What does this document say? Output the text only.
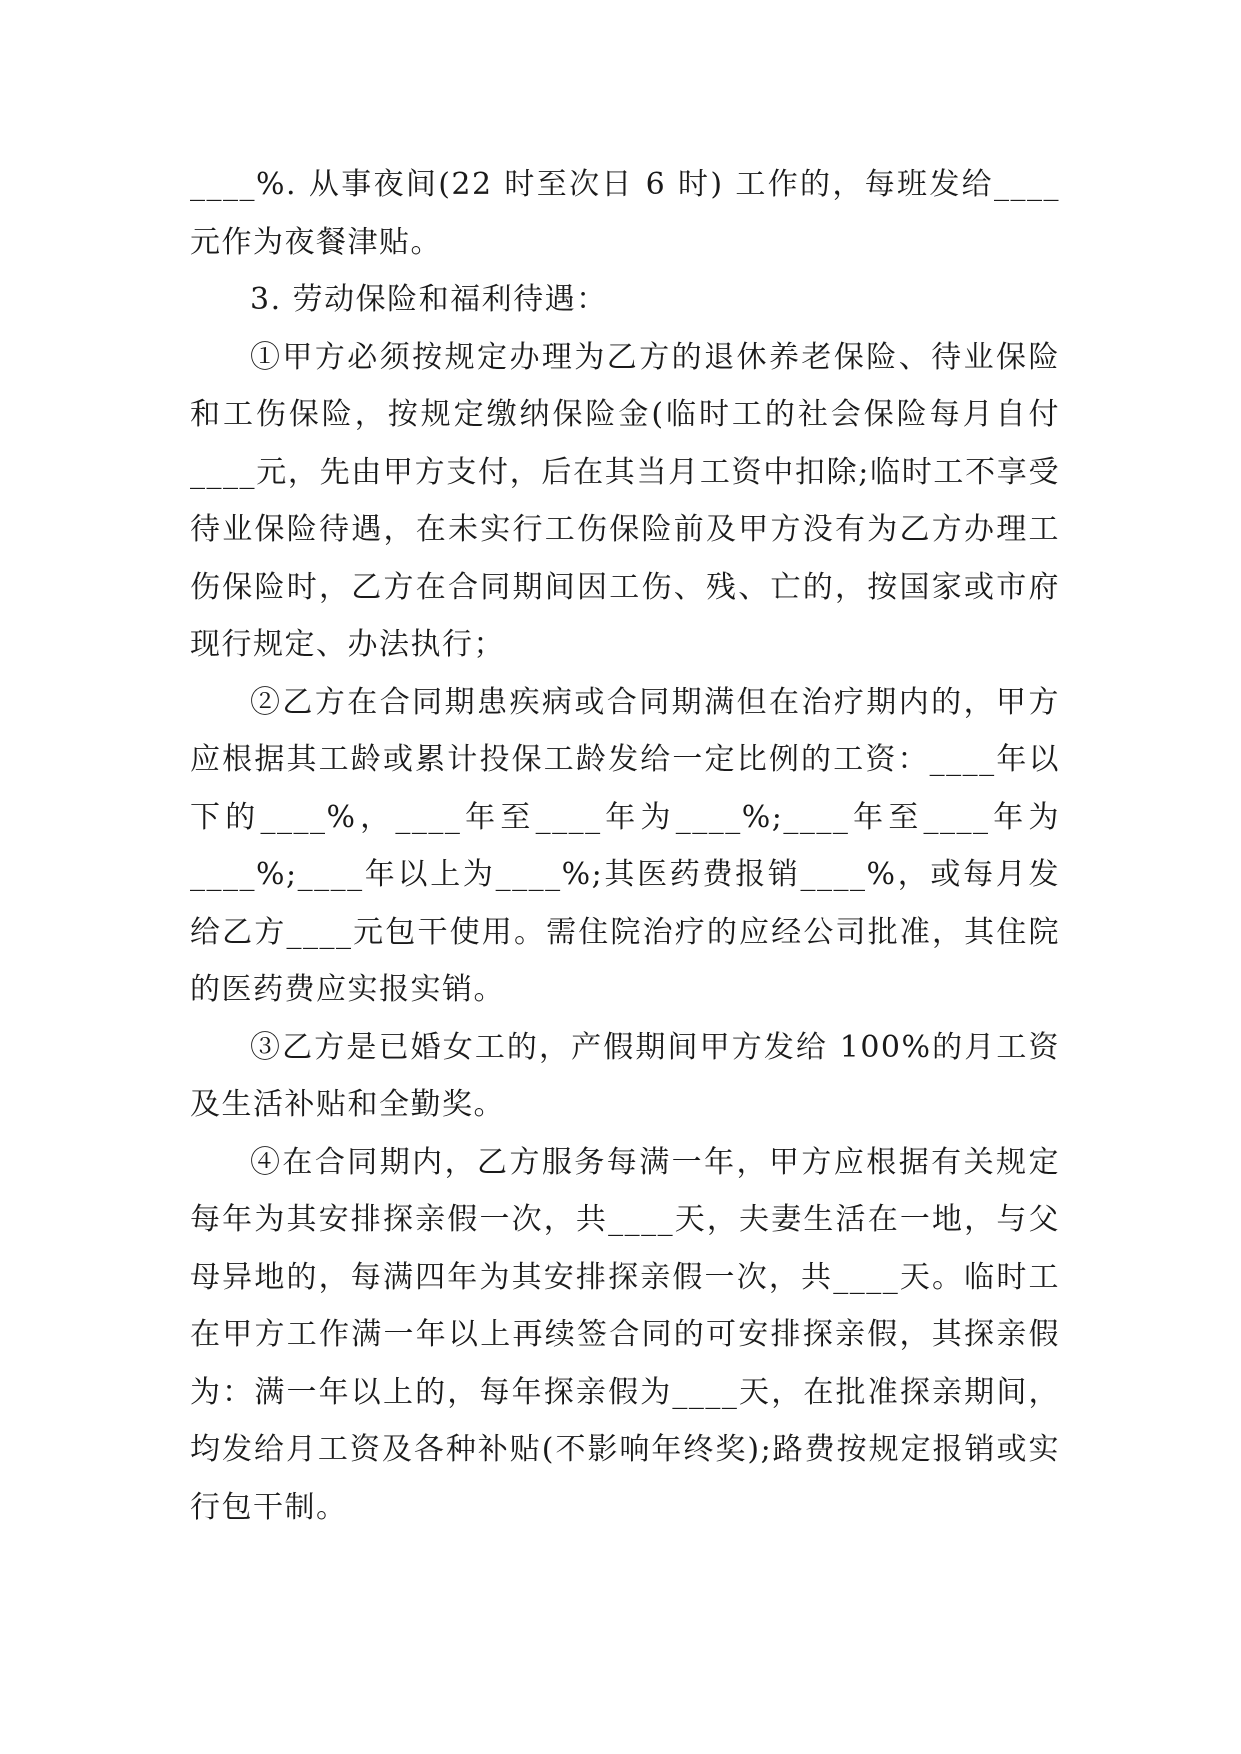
____%. 从事夜间(22 时至次日 6 时) 工作的，每班发给____元作为夜餐津贴。

3. 劳动保险和福利待遇：

①甲方必须按规定办理为乙方的退休养老保险、待业保险和工伤保险，按规定缴纳保险金(临时工的社会保险每月自付____元，先由甲方支付，后在其当月工资中扣除;临时工不享受待业保险待遇，在未实行工伤保险前及甲方没有为乙方办理工伤保险时，乙方在合同期间因工伤、残、亡的，按国家或市府现行规定、办法执行；

②乙方在合同期患疾病或合同期满但在治疗期内的，甲方应根据其工龄或累计投保工龄发给一定比例的工资：____年以下的____%，____年至____年为____%;____年至____年为____%;____年以上为____%;其医药费报销____%，或每月发给乙方____元包干使用。需住院治疗的应经公司批准，其住院的医药费应实报实销。

③乙方是已婚女工的，产假期间甲方发给 100%的月工资及生活补贴和全勤奖。

④在合同期内，乙方服务每满一年，甲方应根据有关规定每年为其安排探亲假一次，共____天，夫妻生活在一地，与父母异地的，每满四年为其安排探亲假一次，共____天。临时工在甲方工作满一年以上再续签合同的可安排探亲假，其探亲假为：满一年以上的，每年探亲假为____天，在批准探亲期间，均发给月工资及各种补贴(不影响年终奖);路费按规定报销或实行包干制。
